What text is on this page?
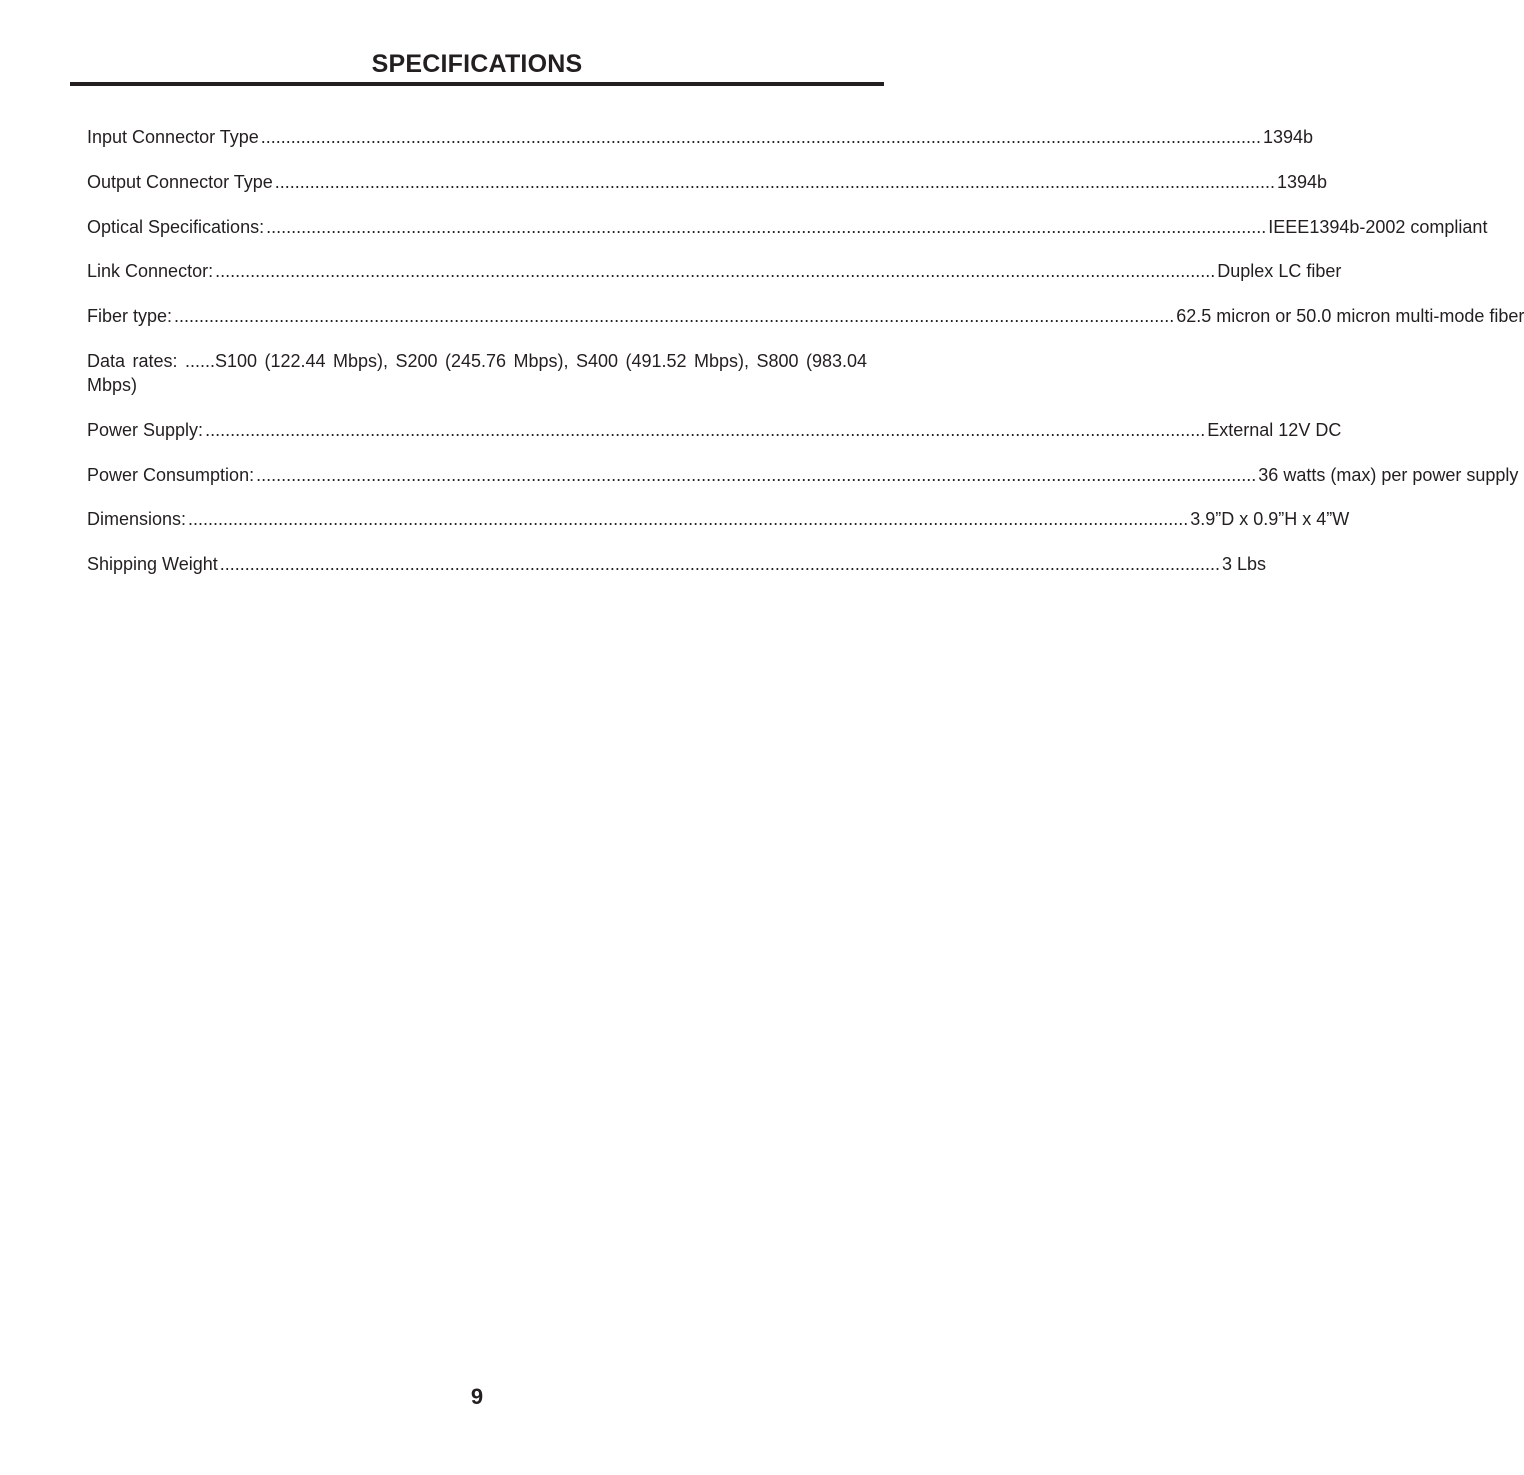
SPECIFICATIONS
Input Connector Type ........................................................................................................................................................................................................ 1394b
Output Connector Type ........................................................................................................................................................................................................ 1394b
Optical Specifications: ........................................................................................................................................................................................................ IEEE1394b-2002 compliant
Link Connector: ........................................................................................................................................................................................................ Duplex LC fiber
Fiber type: ........................................................................................................................................................................................................ 62.5 micron or 50.0 micron multi-mode fiber
Data rates: ......S100 (122.44 Mbps), S200 (245.76 Mbps), S400 (491.52 Mbps), S800 (983.04 Mbps)
Power Supply: ........................................................................................................................................................................................................ External 12V DC
Power Consumption: ........................................................................................................................................................................................................ 36 watts (max) per power supply
Dimensions: ........................................................................................................................................................................................................ 3.9”D x 0.9”H x 4”W
Shipping Weight ........................................................................................................................................................................................................ 3 Lbs
9
